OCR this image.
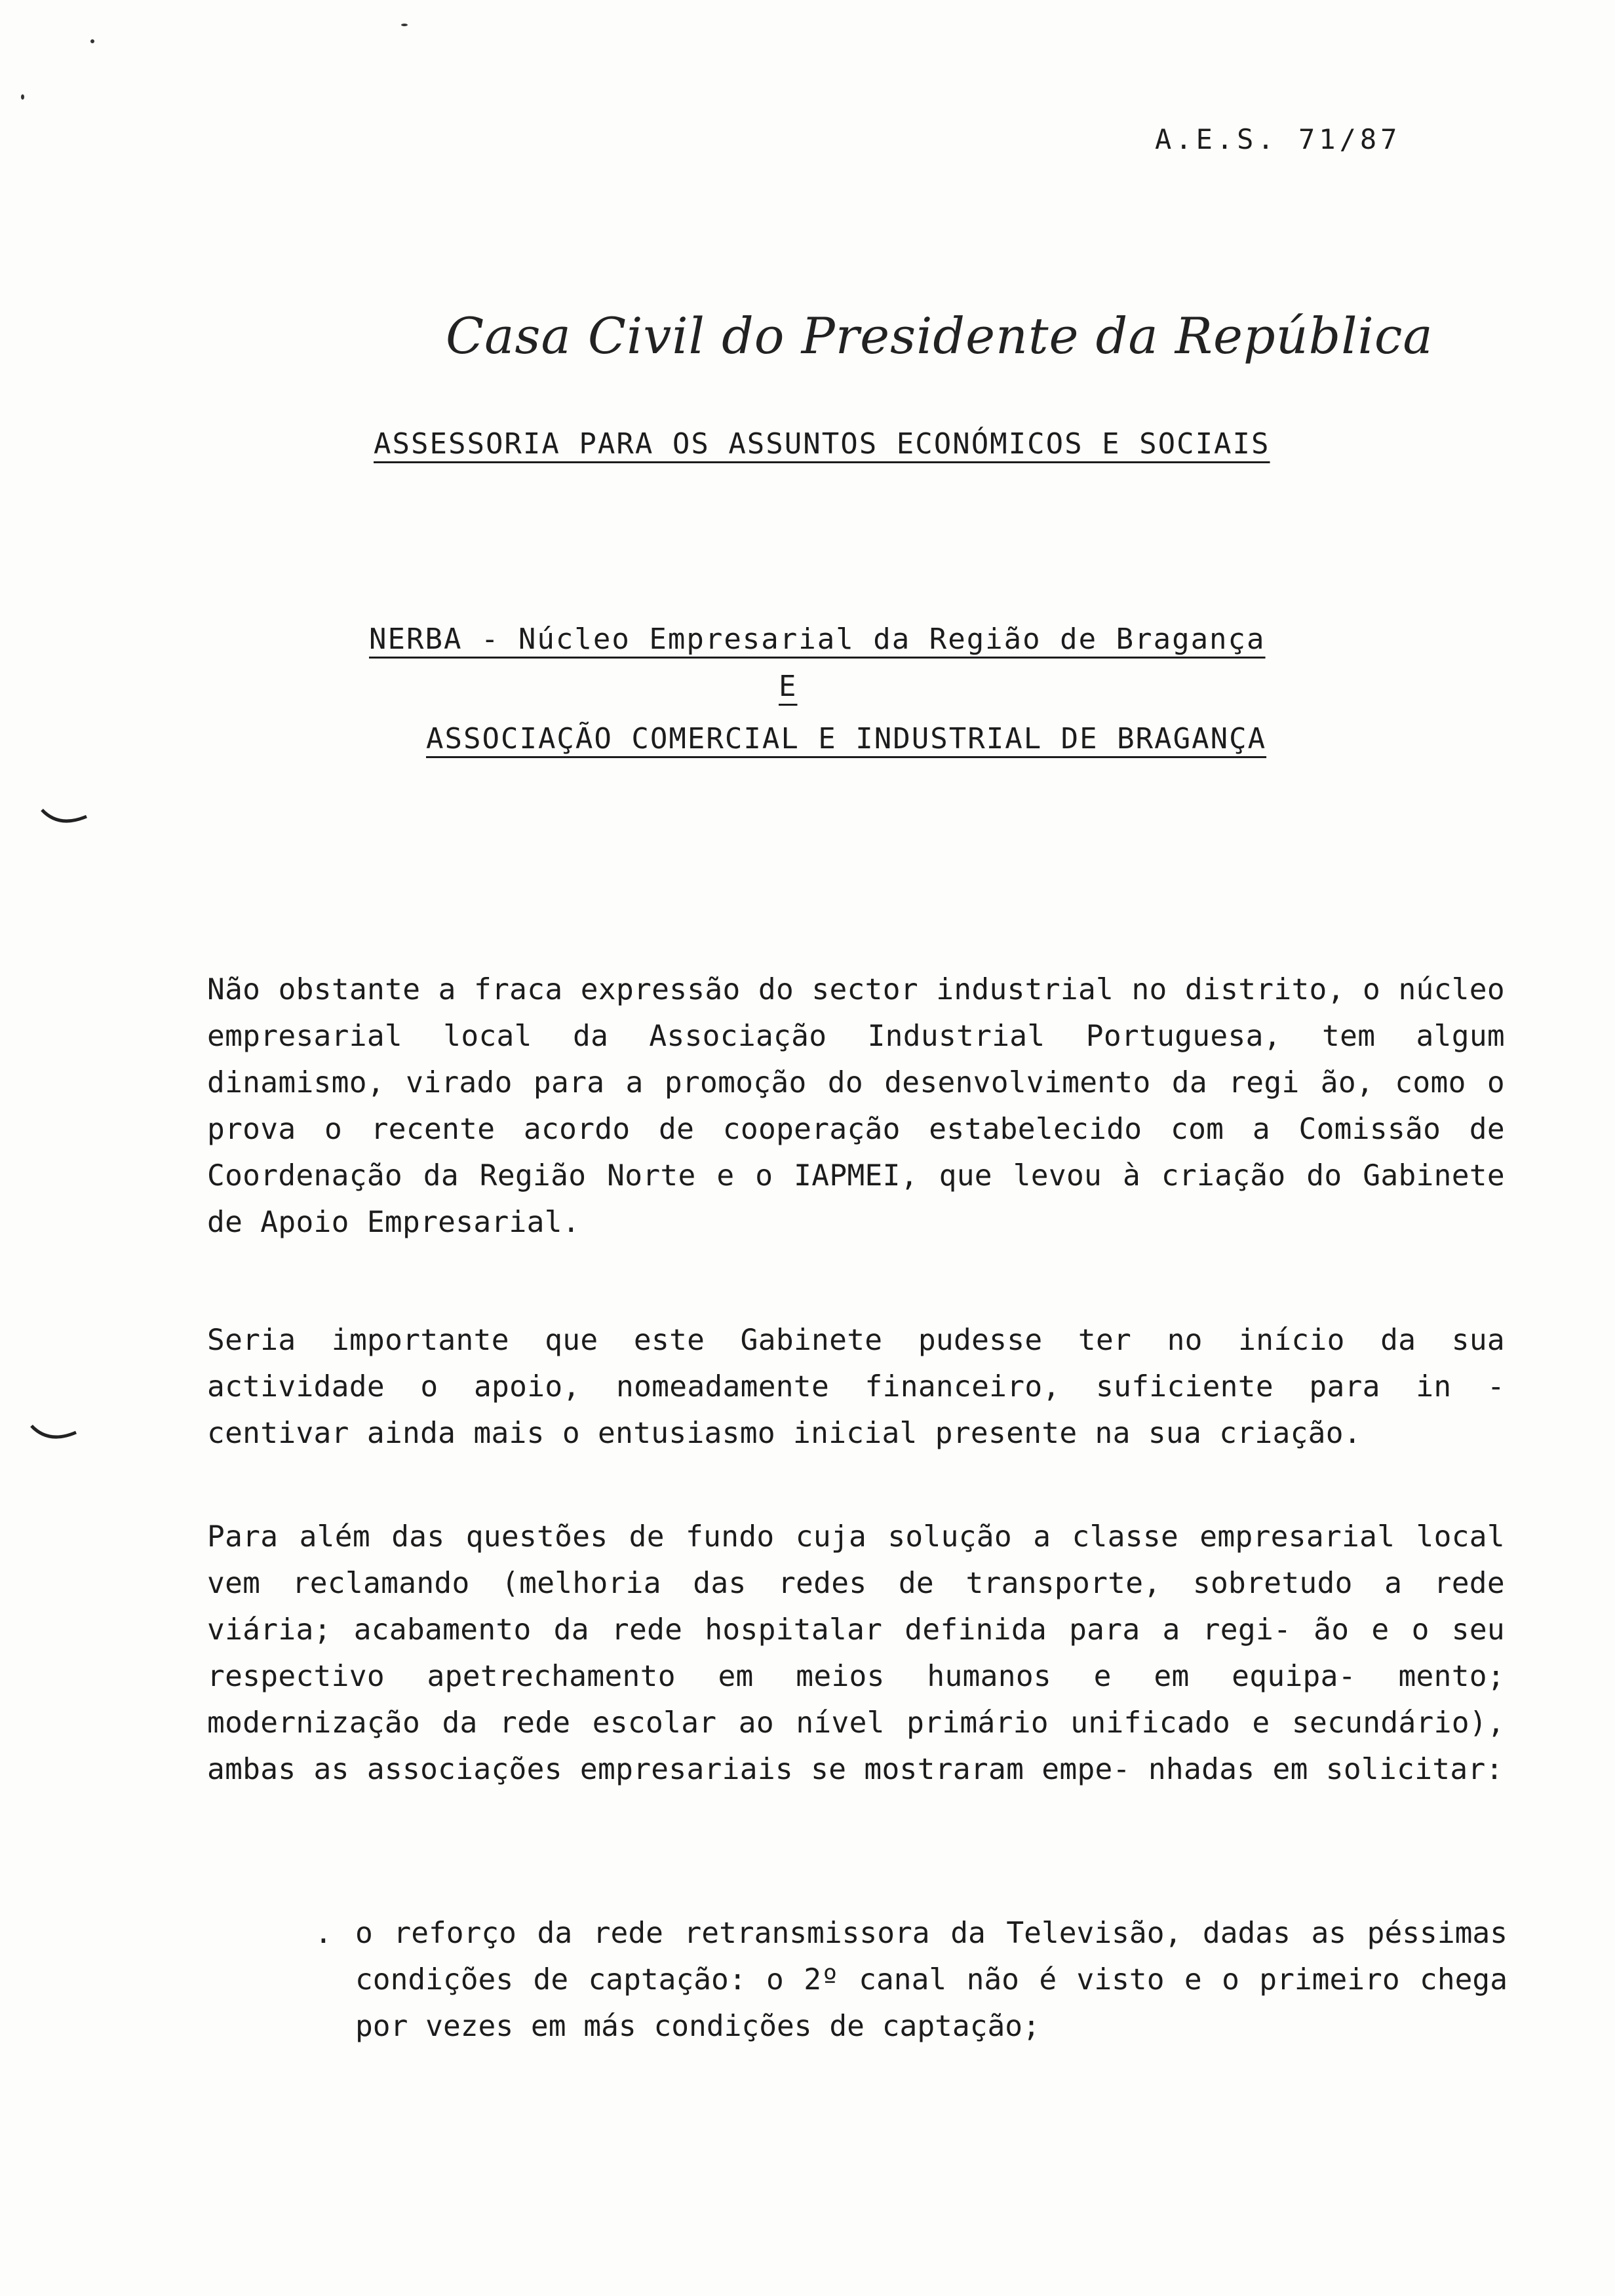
A.E.S. 71/87
Casa Civil do Presidente da República
ASSESSORIA PARA OS ASSUNTOS ECONÓMICOS E SOCIAIS
NERBA - Núcleo Empresarial da Região de Bragança
E
ASSOCIAÇÃO COMERCIAL E INDUSTRIAL DE BRAGANÇA

Não obstante a fraca expressão do sector industrial no distrito, o núcleo empresarial local da Associação Industrial Portuguesa, tem algum dinamismo, virado para a promoção do desenvolvimento da regi ão, como o prova o recente acordo de cooperação estabelecido com a Comissão de Coordenação da Região Norte e o IAPMEI, que levou à criação do Gabinete de Apoio Empresarial.

Seria importante que este Gabinete pudesse ter no início da sua actividade o apoio, nomeadamente financeiro, suficiente para in - centivar ainda mais o entusiasmo inicial presente na sua criação.

Para além das questões de fundo cuja solução a classe empresarial local vem reclamando (melhoria das redes de transporte, sobretudo a rede viária; acabamento da rede hospitalar definida para a regi- ão e o seu respectivo apetrechamento em meios humanos e em equipa- mento; modernização da rede escolar ao nível primário unificado e secundário), ambas as associações empresariais se mostraram empe- nhadas em solicitar:

. o reforço da rede retransmissora da Televisão, dadas as péssimas condições de captação: o 2º canal não é visto e o primeiro chega por vezes em más condições de captação;
